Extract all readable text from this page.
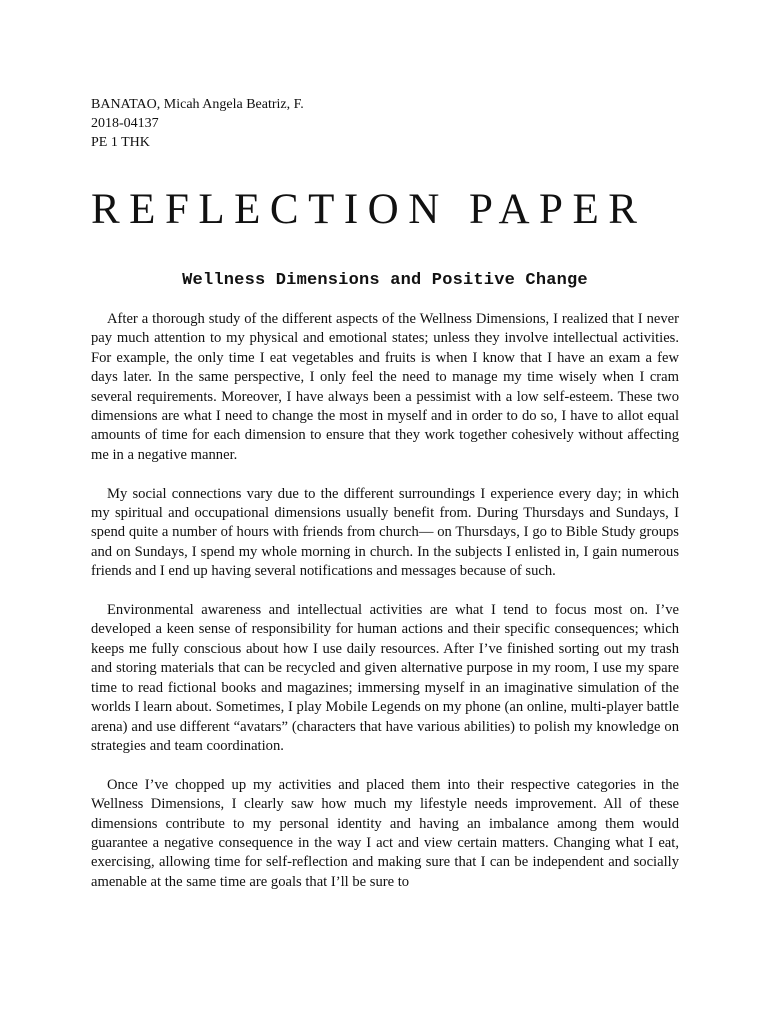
BANATAO, Micah Angela Beatriz, F.

2018-04137

PE 1 THK

REFLECTION PAPER
Wellness Dimensions and Positive Change

After a thorough study of the different aspects of the Wellness Dimensions, I realized that I never pay much attention to my physical and emotional states; unless they involve intellectual activities. For example, the only time I eat vegetables and fruits is when I know that I have an exam a few days later. In the same perspective, I only feel the need to manage my time wisely when I cram several requirements. Moreover, I have always been a pessimist with a low self-esteem. These two dimensions are what I need to change the most in myself and in order to do so, I have to allot equal amounts of time for each dimension to ensure that they work together cohesively without affecting me in a negative manner.

My social connections vary due to the different surroundings I experience every day; in which my spiritual and occupational dimensions usually benefit from. During Thursdays and Sundays, I spend quite a number of hours with friends from church— on Thursdays, I go to Bible Study groups and on Sundays, I spend my whole morning in church. In the subjects I enlisted in, I gain numerous friends and I end up having several notifications and messages because of such.

Environmental awareness and intellectual activities are what I tend to focus most on. I’ve developed a keen sense of responsibility for human actions and their specific consequences; which keeps me fully conscious about how I use daily resources. After I’ve finished sorting out my trash and storing materials that can be recycled and given alternative purpose in my room, I use my spare time to read fictional books and magazines; immersing myself in an imaginative simulation of the worlds I learn about. Sometimes, I play Mobile Legends on my phone (an online, multi-player battle arena) and use different “avatars” (characters that have various abilities) to polish my knowledge on strategies and team coordination.

Once I’ve chopped up my activities and placed them into their respective categories in the Wellness Dimensions, I clearly saw how much my lifestyle needs improvement. All of these dimensions contribute to my personal identity and having an imbalance among them would guarantee a negative consequence in the way I act and view certain matters. Changing what I eat, exercising, allowing time for self-reflection and making sure that I can be independent and socially amenable at the same time are goals that I’ll be sure to
